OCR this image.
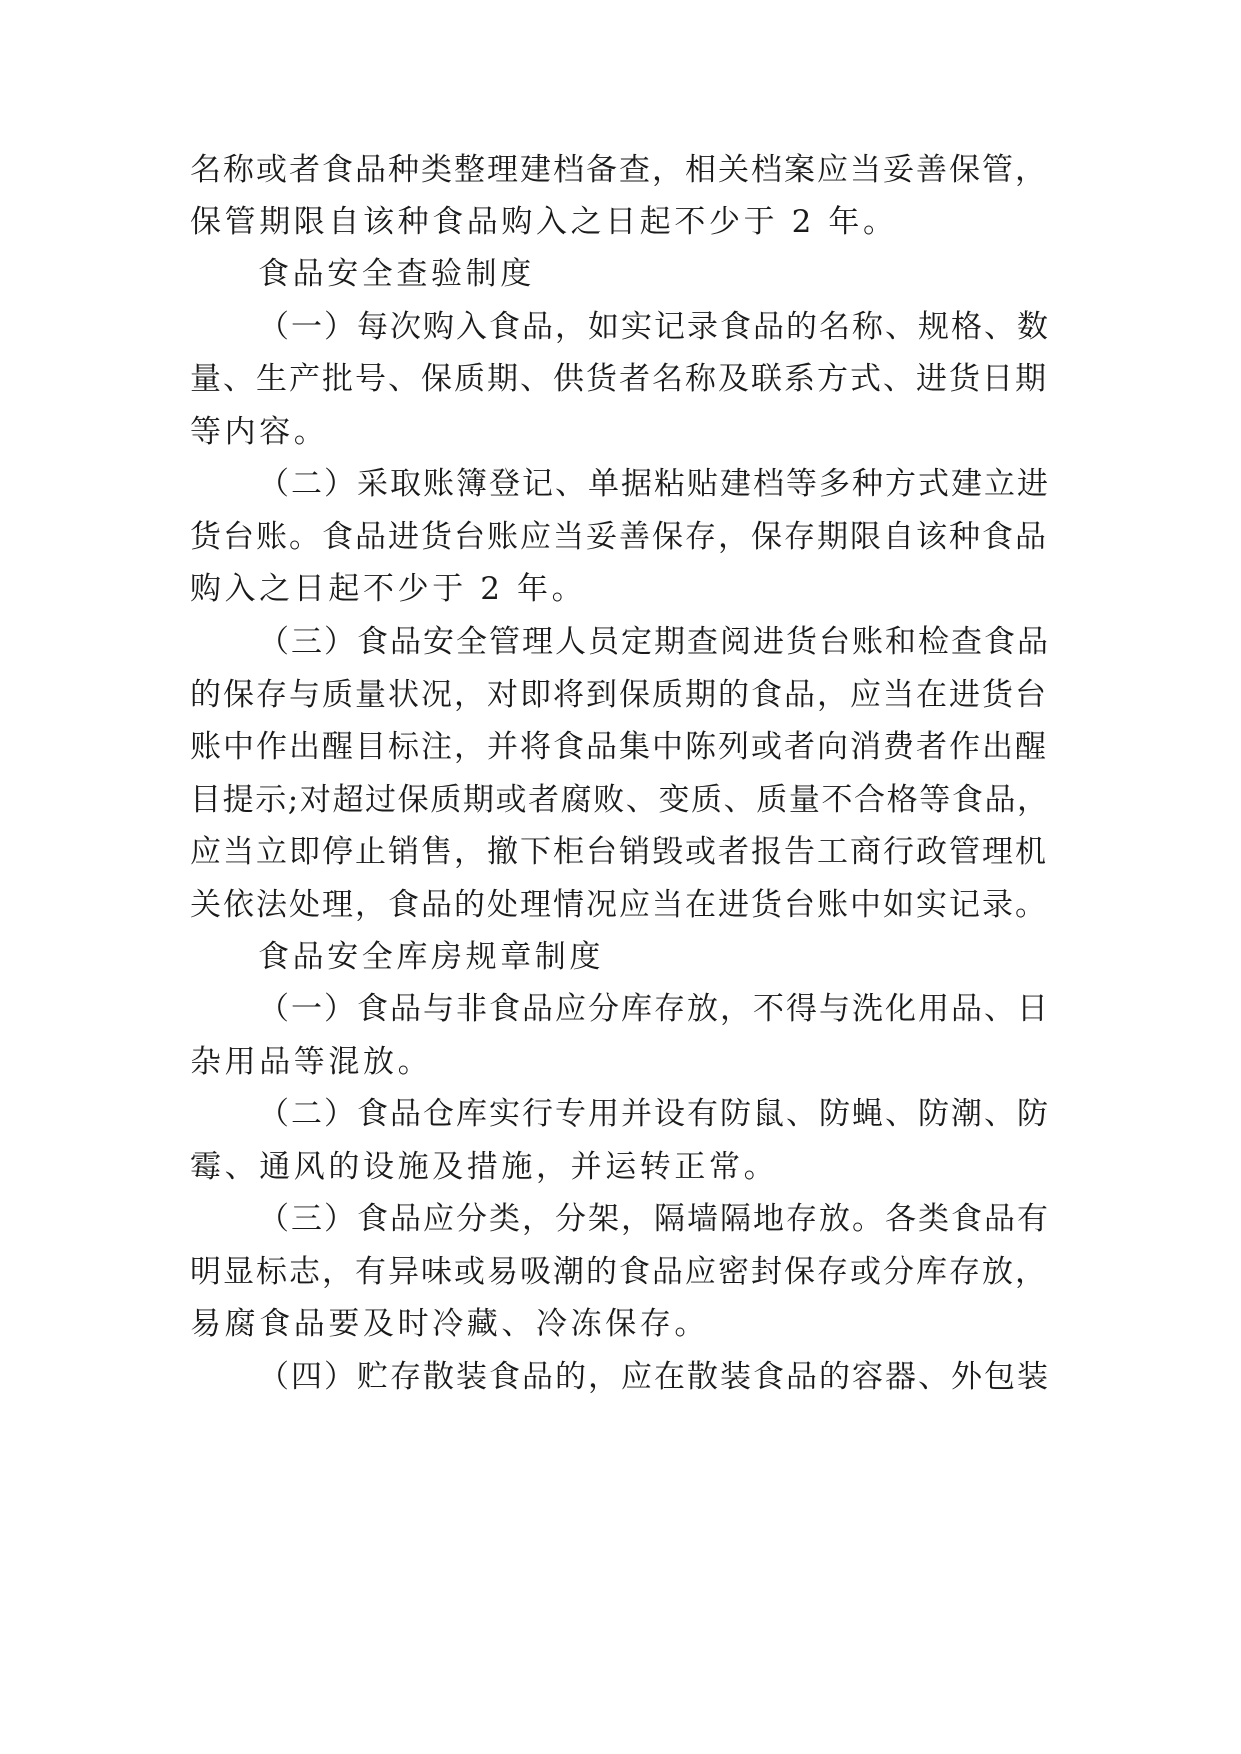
名称或者食品种类整理建档备查，相关档案应当妥善保管，
保管期限自该种食品购入之日起不少于 2 年。
食品安全查验制度
（一）每次购入食品，如实记录食品的名称、规格、数
量、生产批号、保质期、供货者名称及联系方式、进货日期
等内容。
（二）采取账簿登记、单据粘贴建档等多种方式建立进
货台账。食品进货台账应当妥善保存，保存期限自该种食品
购入之日起不少于 2 年。
（三）食品安全管理人员定期查阅进货台账和检查食品
的保存与质量状况，对即将到保质期的食品，应当在进货台
账中作出醒目标注，并将食品集中陈列或者向消费者作出醒
目提示;对超过保质期或者腐败、变质、质量不合格等食品，
应当立即停止销售，撤下柜台销毁或者报告工商行政管理机
关依法处理，食品的处理情况应当在进货台账中如实记录。
食品安全库房规章制度
（一）食品与非食品应分库存放，不得与洗化用品、日
杂用品等混放。
（二）食品仓库实行专用并设有防鼠、防蝇、防潮、防
霉、通风的设施及措施，并运转正常。
（三）食品应分类，分架，隔墙隔地存放。各类食品有
明显标志，有异味或易吸潮的食品应密封保存或分库存放，
易腐食品要及时冷藏、冷冻保存。
（四）贮存散装食品的，应在散装食品的容器、外包装
